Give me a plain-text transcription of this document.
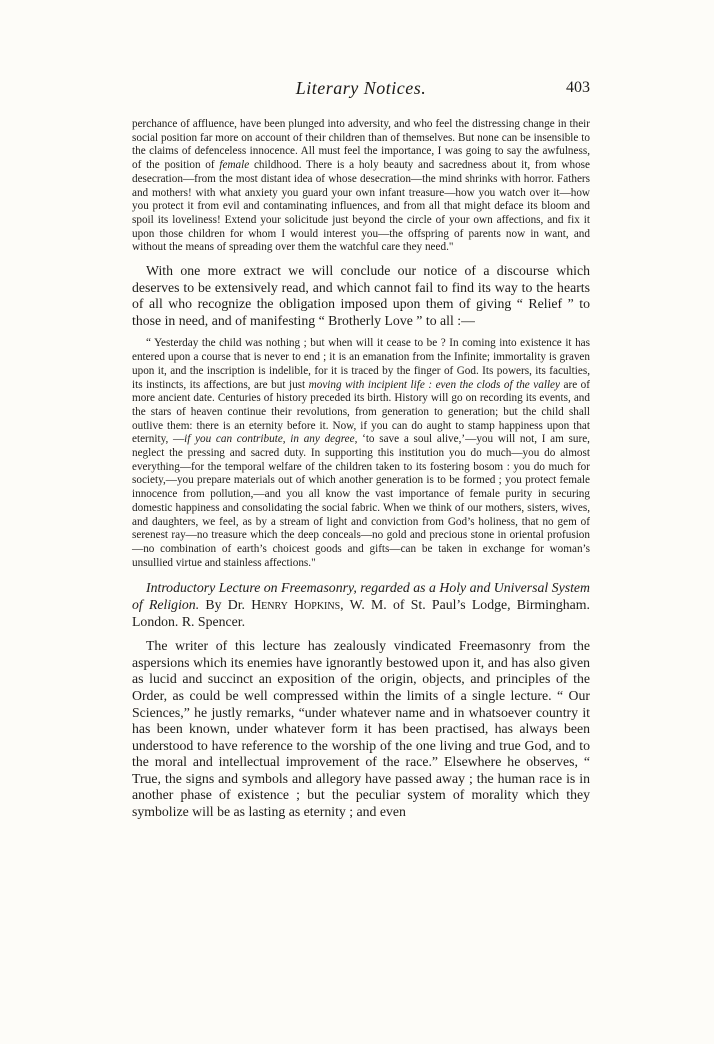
Literary Notices.	403

perchance of affluence, have been plunged into adversity, and who feel the distressing change in their social position far more on account of their children than of themselves. But none can be insensible to the claims of defenceless innocence. All must feel the importance, I was going to say the awfulness, of the position of female childhood. There is a holy beauty and sacredness about it, from whose desecration—from the most distant idea of whose desecration—the mind shrinks with horror. Fathers and mothers! with what anxiety you guard your own infant treasure—how you watch over it—how you protect it from evil and contaminating influences, and from all that might deface its bloom and spoil its loveliness! Extend your solicitude just beyond the circle of your own affections, and fix it upon those children for whom I would interest you—the offspring of parents now in want, and without the means of spreading over them the watchful care they need."

With one more extract we will conclude our notice of a discourse which deserves to be extensively read, and which cannot fail to find its way to the hearts of all who recognize the obligation imposed upon them of giving “ Relief ” to those in need, and of manifesting “ Brotherly Love ” to all :—

“ Yesterday the child was nothing ; but when will it cease to be ? In coming into existence it has entered upon a course that is never to end ; it is an emanation from the Infinite; immortality is graven upon it, and the inscription is indelible, for it is traced by the finger of God. Its powers, its faculties, its instincts, its affections, are but just moving with incipient life : even the clods of the valley are of more ancient date. Centuries of history preceded its birth. History will go on recording its events, and the stars of heaven continue their revolutions, from generation to generation; but the child shall outlive them: there is an eternity before it. Now, if you can do aught to stamp happiness upon that eternity, —if you can contribute, in any degree, ‘to save a soul alive,’—you will not, I am sure, neglect the pressing and sacred duty. In supporting this institution you do much—you do almost everything—for the temporal welfare of the children taken to its fostering bosom : you do much for society,—you prepare materials out of which another generation is to be formed ; you protect female innocence from pollution,—and you all know the vast importance of female purity in securing domestic happiness and consolidating the social fabric. When we think of our mothers, sisters, wives, and daughters, we feel, as by a stream of light and conviction from God’s holiness, that no gem of serenest ray—no treasure which the deep conceals—no gold and precious stone in oriental profusion—no combination of earth’s choicest goods and gifts—can be taken in exchange for woman’s unsullied virtue and stainless affections."

Introductory Lecture on Freemasonry, regarded as a Holy and Universal System of Religion. By Dr. Henry Hopkins, W. M. of St. Paul’s Lodge, Birmingham. London. R. Spencer.

The writer of this lecture has zealously vindicated Freemasonry from the aspersions which its enemies have ignorantly bestowed upon it, and has also given as lucid and succinct an exposition of the origin, objects, and principles of the Order, as could be well compressed within the limits of a single lecture. “ Our Sciences,” he justly remarks, “under whatever name and in whatsoever country it has been known, under whatever form it has been practised, has always been understood to have reference to the worship of the one living and true God, and to the moral and intellectual improvement of the race.” Elsewhere he observes, “ True, the signs and symbols and allegory have passed away ; the human race is in another phase of existence ; but the peculiar system of morality which they symbolize will be as lasting as eternity ; and even
